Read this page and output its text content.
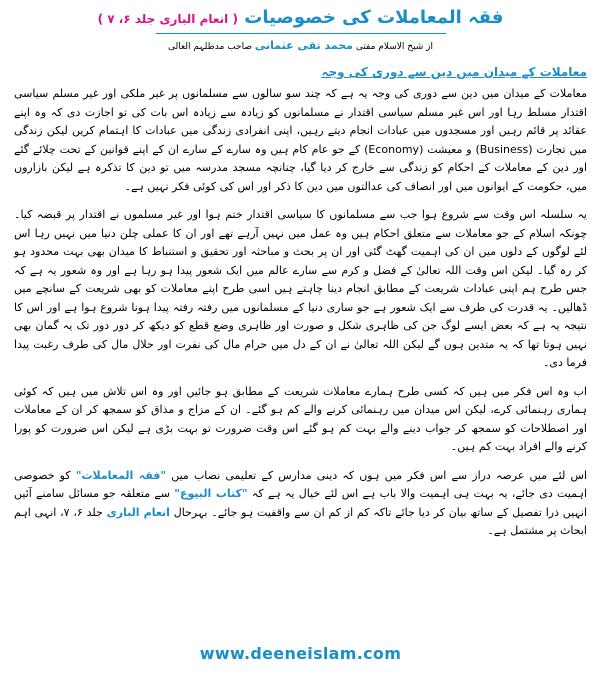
فقہ المعاملات کی خصوصیات ( انعام الباری جلد ۶، ۷ )
از شیخ الاسلام مفتی محمد تقی عثمانی صاحب مدظلہم العالی
معاملات کے میدان میں دین سے دوری کی وجہ

معاملات کے میدان میں دین سے دوری کی وجہ یہ ہے کہ چند سو سالوں سے مسلمانوں پر غیر ملکی اور غیر مسلم سیاسی اقتدار مسلط رہا اور اس غیر مسلم سیاسی اقتدار نے مسلمانوں کو زیادہ سے زیادہ اس بات کی تو اجازت دی کہ وہ اپنے عقائد پر قائم رہیں اور مسجدوں میں عبادات انجام دیتے رہیں، اپنی انفرادی زندگی میں عبادات کا اہتمام کریں لیکن زندگی میں تجارت (Business) و معیشت (Economy) کے جو عام کام ہیں وہ سارے کے سارے ان کے اپنے قوانین کے تحت چلائے گئے اور دین کے معاملات کے احکام کو زندگی سے خارج کر دیا گیا، چنانچہ مسجد مدرسہ میں تو دین کا تذکرہ ہے لیکن بازاروں میں، حکومت کے ایوانوں میں اور انصاف کی عدالتوں میں دین کا ذکر اور اس کی کوئی فکر نہیں ہے۔

یہ سلسلہ اس وقت سے شروع ہوا جب سے مسلمانوں کا سیاسی اقتدار ختم ہوا اور غیر مسلموں نے اقتدار پر قبضہ کیا۔ چونکہ اسلام کے جو معاملات سے متعلق احکام ہیں وہ عمل میں نہیں آرہے تھے اور ان کا عملی چلن دنیا میں نہیں رہا اس لئے لوگوں کے دلوں میں ان کی اہمیت گھٹ گئی اور ان پر بحث و مباحثہ اور تحقیق و استنباط کا میدان بھی بہت محدود ہو کر رہ گیا۔ لیکن اس وقت اللہ تعالیٰ کے فضل و کرم سے سارے عالم میں ایک شعور پیدا ہو رہا ہے اور وہ شعور یہ ہے کہ جس طرح ہم اپنی عبادات شریعت کے مطابق انجام دینا چاہتے ہیں اسی طرح اپنے معاملات کو بھی شریعت کے سانچے میں ڈھالیں۔ یہ قدرت کی طرف سے ایک شعور ہے جو ساری دنیا کے مسلمانوں میں رفتہ رفتہ پیدا ہونا شروع ہوا ہے اور اس کا نتیجہ یہ ہے کہ بعض ایسے لوگ جن کی ظاہری شکل و صورت اور ظاہری وضع قطع کو دیکھ کر دور دور تک یہ گمان بھی نہیں ہوتا تھا کہ یہ متدین ہوں گے لیکن اللہ تعالیٰ نے ان کے دل میں حرام مال کی نفرت اور حلال مال کی طرف رغبت پیدا فرما دی۔

اب وہ اس فکر میں ہیں کہ کسی طرح ہمارے معاملات شریعت کے مطابق ہو جائیں اور وہ اس تلاش میں ہیں کہ کوئی ہماری رہنمائی کرے، لیکن اس میدان میں رہنمائی کرنے والے کم ہو گئے۔ ان کے مزاج و مذاق کو سمجھ کر ان کے معاملات اور اصطلاحات کو سمجھ کر جواب دینے والے بہت کم ہو گئے اس وقت ضرورت تو بہت بڑی ہے لیکن اس ضرورت کو پورا کرنے والے افراد بہت کم ہیں۔

اس لئے میں عرصہ دراز سے اس فکر میں ہوں کہ دینی مدارس کے تعلیمی نصاب میں "فقہ المعاملات" کو خصوصی اہمیت دی جائے، یہ بہت ہی اہمیت والا باب ہے اس لئے خیال یہ ہے کہ "کتاب البیوع" سے متعلقہ جو مسائل سامنے آئیں انہیں ذرا تفصیل کے ساتھ بیان کر دیا جائے تاکہ کم از کم ان سے واقفیت ہو جائے۔ بہرحال انعام الباری جلد ۶، ۷، انہی اہم ابحاث پر مشتمل ہے۔

www.deeneislam.com
